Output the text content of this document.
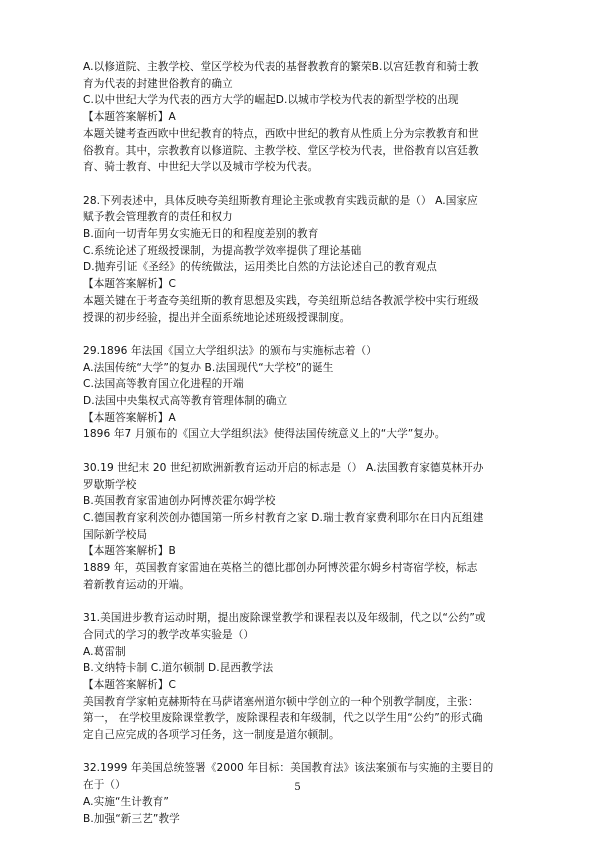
A.以修道院、主教学校、堂区学校为代表的基督教教育的繁荣B.以宫廷教育和骑士教

育为代表的封建世俗教育的确立

C.以中世纪大学为代表的西方大学的崛起D.以城市学校为代表的新型学校的出现

【本题答案解析】A

本题关键考查西欧中世纪教育的特点，西欧中世纪的教育从性质上分为宗教教育和世

俗教育。其中，宗教教育以修道院、主教学校、堂区学校为代表，世俗教育以宫廷教

育、骑士教育、中世纪大学以及城市学校为代表。

28.下列表述中，具体反映夸美纽斯教育理论主张或教育实践贡献的是（） A.国家应

赋予教会管理教育的责任和权力

B.面向一切青年男女实施无日的和程度差别的教育

C.系统论述了班级授课制，为提高教学效率提供了理论基础

D.抛弃引证《圣经》的传统做法，运用类比自然的方法论述自己的教育观点

【本题答案解析】C

本题关键在于考查夸美纽斯的教育思想及实践，夸美纽斯总结各教派学校中实行班级

授课的初步经验，提出并全面系统地论述班级授课制度。

29.1896 年法国《国立大学组织法》的颁布与实施标志着（）

A.法国传统“大学”的复办 B.法国现代“大学校”的诞生

C.法国高等教育国立化进程的开端

D.法国中央集权式高等教育管理体制的确立

【本题答案解析】A

1896 年7 月颁布的《国立大学组织法》使得法国传统意义上的“大学”复办。

30.19 世纪末 20 世纪初欧洲新教育运动开启的标志是（） A.法国教育家德莫林开办

罗歇斯学校

B.英国教育家雷迪创办阿博茨霍尔姆学校

C.德国教育家利茨创办德国第一所乡村教育之家 D.瑞士教育家费利耶尔在日内瓦组建

国际新学校局

【本题答案解析】B

1889 年，英国教育家雷迪在英格兰的德比郡创办阿博茨霍尔姆乡村寄宿学校，标志

着新教育运动的开端。

31.美国进步教育运动时期，提出废除课堂教学和课程表以及年级制，代之以“公约”或

合同式的学习的教学改革实验是（）

A.葛雷制

B.文纳特卡制 C.道尔顿制 D.昆西教学法

【本题答案解析】C

美国教育学家帕克赫斯特在马萨诸塞州道尔顿中学创立的一种个别教学制度，主张：

第一， 在学校里废除课堂教学，废除课程表和年级制，代之以学生用“公约”的形式确

定自己应完成的各项学习任务，这一制度是道尔顿制。

32.1999 年美国总统签署《2000 年目标：美国教育法》该法案颁布与实施的主要目的

在于（）

A.实施“生计教育”

B.加强“新三艺”教学

5
